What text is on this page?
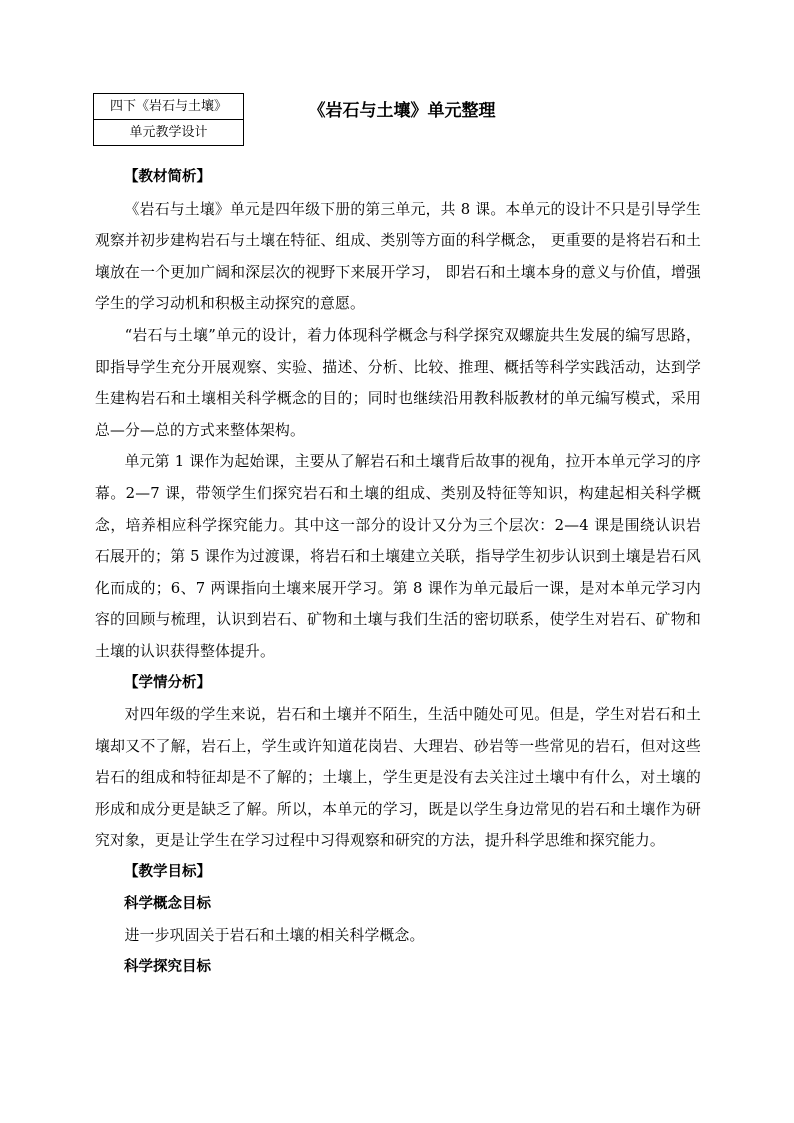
四下《岩石与土壤》
单元教学设计
《岩石与土壤》单元整理

【教材简析】

《岩石与土壤》单元是四年级下册的第三单元，共 8 课。本单元的设计不只是引导学生观察并初步建构岩石与土壤在特征、组成、类别等方面的科学概念， 更重要的是将岩石和土壤放在一个更加广阔和深层次的视野下来展开学习， 即岩石和土壤本身的意义与价值，增强学生的学习动机和积极主动探究的意愿。

“岩石与土壤”单元的设计，着力体现科学概念与科学探究双螺旋共生发展的编写思路，即指导学生充分开展观察、实验、描述、分析、比较、推理、概括等科学实践活动，达到学生建构岩石和土壤相关科学概念的目的；同时也继续沿用教科版教材的单元编写模式，采用总—分—总的方式来整体架构。

单元第 1 课作为起始课，主要从了解岩石和土壤背后故事的视角，拉开本单元学习的序幕。2—7 课，带领学生们探究岩石和土壤的组成、类别及特征等知识，构建起相关科学概念，培养相应科学探究能力。其中这一部分的设计又分为三个层次：2—4 课是围绕认识岩石展开的；第 5 课作为过渡课，将岩石和土壤建立关联，指导学生初步认识到土壤是岩石风化而成的；6、7 两课指向土壤来展开学习。第 8 课作为单元最后一课，是对本单元学习内容的回顾与梳理，认识到岩石、矿物和土壤与我们生活的密切联系，使学生对岩石、矿物和土壤的认识获得整体提升。

【学情分析】

对四年级的学生来说，岩石和土壤并不陌生，生活中随处可见。但是，学生对岩石和土壤却又不了解，岩石上，学生或许知道花岗岩、大理岩、砂岩等一些常见的岩石，但对这些岩石的组成和特征却是不了解的；土壤上，学生更是没有去关注过土壤中有什么，对土壤的形成和成分更是缺乏了解。所以，本单元的学习，既是以学生身边常见的岩石和土壤作为研究对象，更是让学生在学习过程中习得观察和研究的方法，提升科学思维和探究能力。

【教学目标】

科学概念目标

进一步巩固关于岩石和土壤的相关科学概念。

科学探究目标
